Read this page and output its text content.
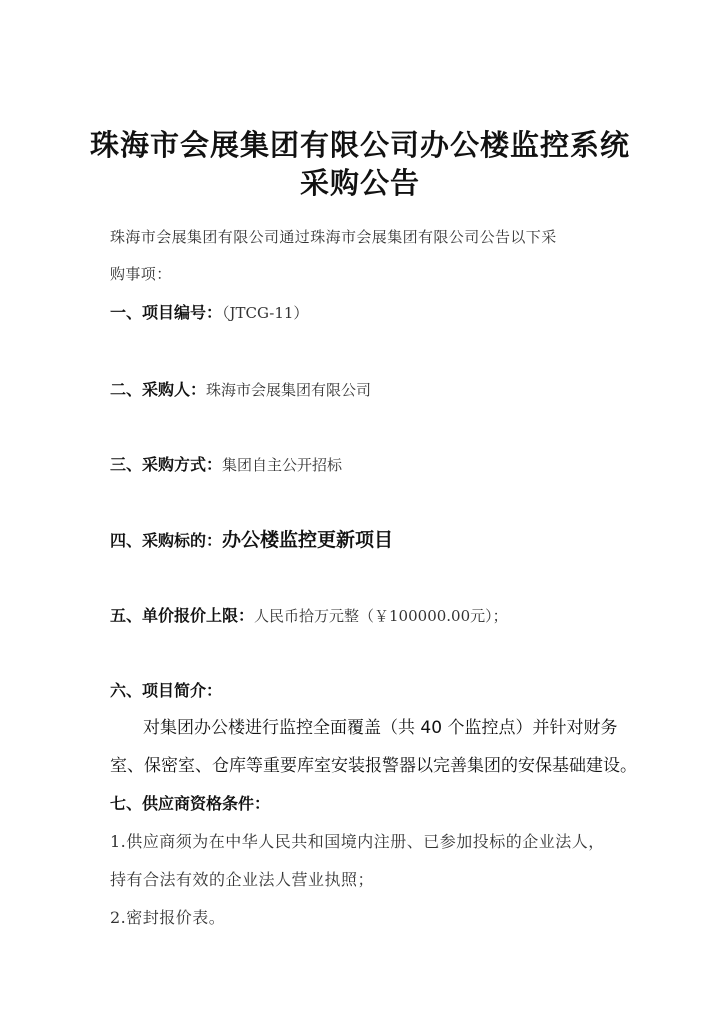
珠海市会展集团有限公司办公楼监控系统
采购公告
珠海市会展集团有限公司通过珠海市会展集团有限公司公告以下采
购事项：
一、项目编号：（JTCG-11）
二、采购人：珠海市会展集团有限公司
三、采购方式：集团自主公开招标
四、采购标的：办公楼监控更新项目
五、单价报价上限：人民币拾万元整（￥100000.00元）；
六、项目简介：
对集团办公楼进行监控全面覆盖（共 40 个监控点）并针对财务
室、保密室、仓库等重要库室安装报警器以完善集团的安保基础建设。
七、供应商资格条件：
1.供应商须为在中华人民共和国境内注册、已参加投标的企业法人，
持有合法有效的企业法人营业执照；
2.密封报价表。
